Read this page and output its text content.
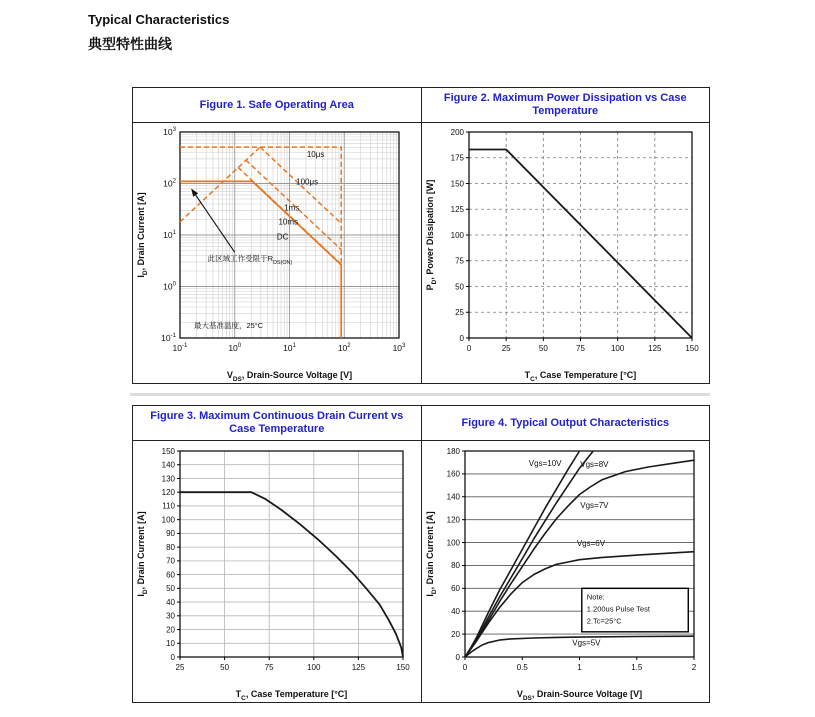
Typical Characteristics
典型特性曲线
Figure 1. Safe Operating Area
$10^{-1}$	$10^0$	$10^1$	$10^2$	$10^3$
$10^{-1}$
$10^0$
$10^1$
$10^2$
$10^3$
$V_{DS}$, Drain-Source Voltage [V]
$I_D$, Drain Current [A]
10μs
100μs
1ms
10ms
DC
此区域工作受限于$R_{DS(ON)}$
最大基准温度，25°C
Figure 2. Maximum Power Dissipation vs Case Temperature
0	25	50	75	100	125	150
0
25
50
75
100
125
150
175
200
$T_C$, Case Temperature [°C]
$P_D$, Power Dissipation [W]
Figure 3. Maximum Continuous Drain Current vs Case Temperature
25	50	75	100	125	150
0
10
20
30
40
50
60
70
80
90
100
110
120
130
140
150
$T_C$, Case Temperature [°C]
$I_D$, Drain Current [A]
Figure 4. Typical Output Characteristics
0	0.5	1	1.5	2
0
20
40
60
80
100
120
140
160
180
$V_{DS}$, Drain-Source Voltage [V]
$I_D$, Drain Current [A]
Vgs=10V Vgs=8V
Vgs=7V
Vgs=6V
Vgs=5V
Note:
1.200us Pulse Test
2.Tc=25°C
